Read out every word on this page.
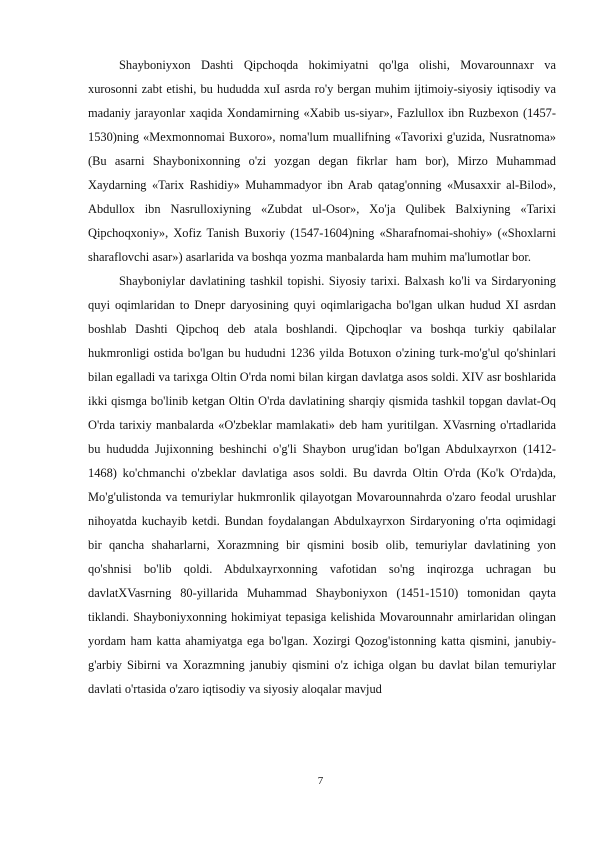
Shayboniyxon Dashti Qipchoqda hokimiyatni qo'lga olishi, Movarounnaxr va xurosonni zabt etishi, bu hududda xuI asrda ro'y bergan muhim ijtimoiy-siyosiy iqtisodiy va madaniy jarayonlar xaqida Xondamirning «Xabib us-siyar», Fazlullox ibn Ruzbexon (1457-1530)ning «Mexmonnomai Buxoro», noma'lum muallifning «Tavorixi g'uzida, Nusratnoma» (Bu asarni Shayboniхonning o'zi yozgan degan fikrlar ham bor), Mirzo Muhammad Xaydarning «Tarix Rashidiy» Muhammadyor ibn Arab qatag'onning «Musaxxir al-Bilod», Abdullox ibn Nasrulloxiyning «Zubdat ul-Osor», Xo'ja Qulibek Balxiyning «Tarixi Qipchoqxoniy», Xofiz Tanish Buxoriy (1547-1604)ning «Sharafnomai-shohiy» («Shoxlarni sharaflovchi asar») asarlarida va boshqa yozma manbalarda ham muhim ma'lumotlar bor.

Shayboniylar davlatining tashkil topishi. Siyosiy tarixi. Balxash ko'li va Sirdaryoning quyi oqimlaridan to Dnepr daryosining quyi oqimlarigacha bo'lgan ulkan hudud XI asrdan boshlab Dashti Qipchoq deb atala boshlandi. Qipchoqlar va boshqa turkiy qabilalar hukmronligi ostida bo'lgan bu hududni 1236 yilda Botuxon o'zining turk-mo'g'ul qo'shinlari bilan egalladi va tarixga Oltin O'rda nomi bilan kirgan davlatga asos soldi. XIV asr boshlarida ikki qismga bo'linib ketgan Oltin O'rda davlatining sharqiy qismida tashkil topgan davlat-Oq O'rda tarixiy manbalarda «O'zbeklar mamlakati» deb ham yuritilgan. XVasrning o'rtadlarida bu hududda Jujixonning beshinchi o'g'li Shaybon urug'idan bo'lgan Abdulxayrxon (1412-1468) ko'chmanchi o'zbeklar davlatiga asos soldi. Bu davrda Oltin O'rda (Ko'k O'rda)da, Mo'g'ulistonda va temuriylar hukmronlik qilayotgan Movarounnahrda o'zaro feodal urushlar nihoyatda kuchayib ketdi. Bundan foydalangan Abdulxayrxon Sirdaryoning o'rta oqimidagi bir qancha shaharlarni, Xorazmning bir qismini bosib olib, temuriylar davlatining yon qo'shnisi bo'lib qoldi. Abdulxayrxonning vafotidan so'ng inqirozga uchragan bu davlatXVasrning 80-yillarida Muhammad Shayboniyxon (1451-1510) tomonidan qayta tiklandi. Shayboniyxonning hokimiyat tepasiga kelishida Movarounnahr amirlaridan olingan yordam ham katta ahamiyatga ega bo'lgan. Xozirgi Qozog'istonning katta qismini, janubiy-g'arbiy Sibirni va Xorazmning janubiy qismini o'z ichiga olgan bu davlat bilan temuriylar davlati o'rtasida o'zaro iqtisodiy va siyosiy aloqalar mavjud

7
